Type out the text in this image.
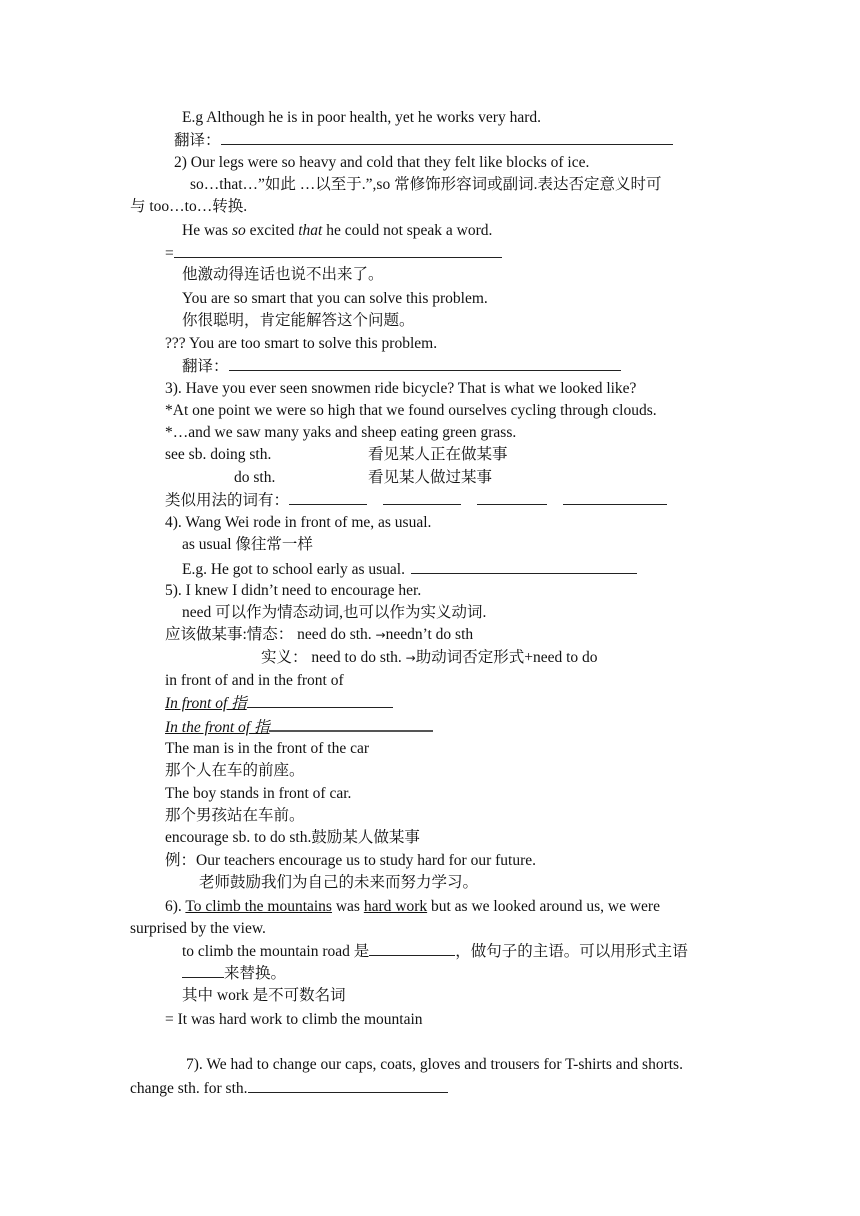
E.g Although he is in poor health, yet he works very hard.
翻译：
2) Our legs were so heavy and cold that they felt like blocks of ice.
so…that…”如此 …以至于.”,so 常修饰形容词或副词.表达否定意义时可
与 too…to…转换.
He was so excited that he could not speak a word.
=
他激动得连话也说不出来了。
You are so smart that you can solve this problem.
你很聪明，肯定能解答这个问题。
??? You are too smart to solve this problem.
翻译：
3). Have you ever seen snowmen ride bicycle? That is what we looked like?
*At one point we were so high that we found ourselves cycling through clouds.
*…and we saw many yaks and sheep eating green grass.
see sb. doing sth.	看见某人正在做某事
do sth.	看见某人做过某事
类似用法的词有：
4). Wang Wei rode in front of me, as usual.
as usual 像往常一样
E.g. He got to school early as usual.
5). I knew I didn’t need to encourage her.
need 可以作为情态动词,也可以作为实义动词.
应该做某事:情态： need do sth. →needn’t do sth
实义： need to do sth. →助动词否定形式+need to do
in front of and in the front of
In front of 指
In the front of 指
The man is in the front of the car
那个人在车的前座。
The boy stands in front of car.
那个男孩站在车前。
encourage sb. to do sth.鼓励某人做某事
例：Our teachers encourage us to study hard for our future.
老师鼓励我们为自己的未来而努力学习。
6). To climb the mountains was hard work but as we looked around us, we were
surprised by the view.
to climb the mountain road 是	，做句子的主语。可以用形式主语
来替换。
其中 work 是不可数名词
= It was hard work to climb the mountain
7). We had to change our caps, coats, gloves and trousers for T-shirts and shorts.
change sth. for sth.
